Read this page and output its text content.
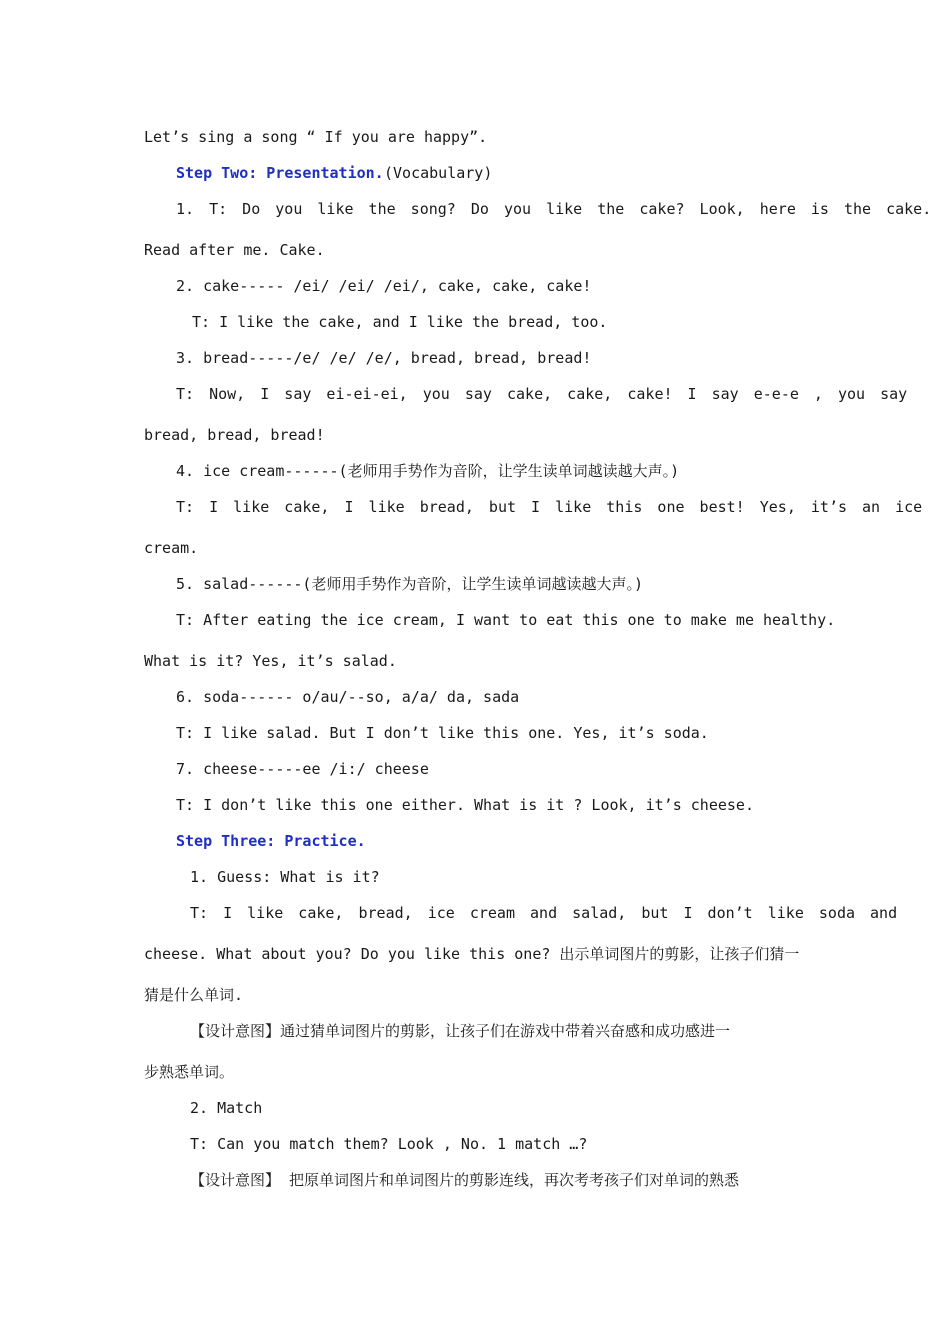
Let’s sing a song “ If you are happy”.
Step Two: Presentation. (Vocabulary)
1. T: Do you like the song? Do you like the cake? Look, here is the cake.
Read after me. Cake.
2. cake----- /ei/ /ei/ /ei/, cake, cake, cake!
T: I like the cake, and I like the bread, too.
3. bread-----/e/ /e/ /e/, bread, bread, bread!
T: Now, I say ei-ei-ei, you say cake, cake, cake! I say e-e-e , you say
bread, bread, bread!
4. ice cream------(老师用手势作为音阶，让学生读单词越读越大声。)
T: I like cake, I like bread, but I like this one best! Yes, it’s an ice
cream.
5. salad------(老师用手势作为音阶，让学生读单词越读越大声。)
T: After eating the ice cream, I want to eat this one to make me healthy.
What is it? Yes, it’s salad.
6. soda------ o/au/--so, a/a/ da, sada
T: I like salad. But I don’t like this one. Yes, it’s soda.
7. cheese-----ee /i:/ cheese
T: I don’t like this one either. What is it ? Look, it’s cheese.
Step Three: Practice.
1. Guess: What is it?
T: I like cake, bread, ice cream and salad, but I don’t like soda and
cheese. What about you? Do you like this one? 出示单词图片的剪影，让孩子们猜一
猜是什么单词.
【设计意图】通过猜单词图片的剪影，让孩子们在游戏中带着兴奋感和成功感进一
步熟悉单词。
2. Match
T: Can you match them? Look , No. 1 match …?
【设计意图】 把原单词图片和单词图片的剪影连线，再次考考孩子们对单词的熟悉
